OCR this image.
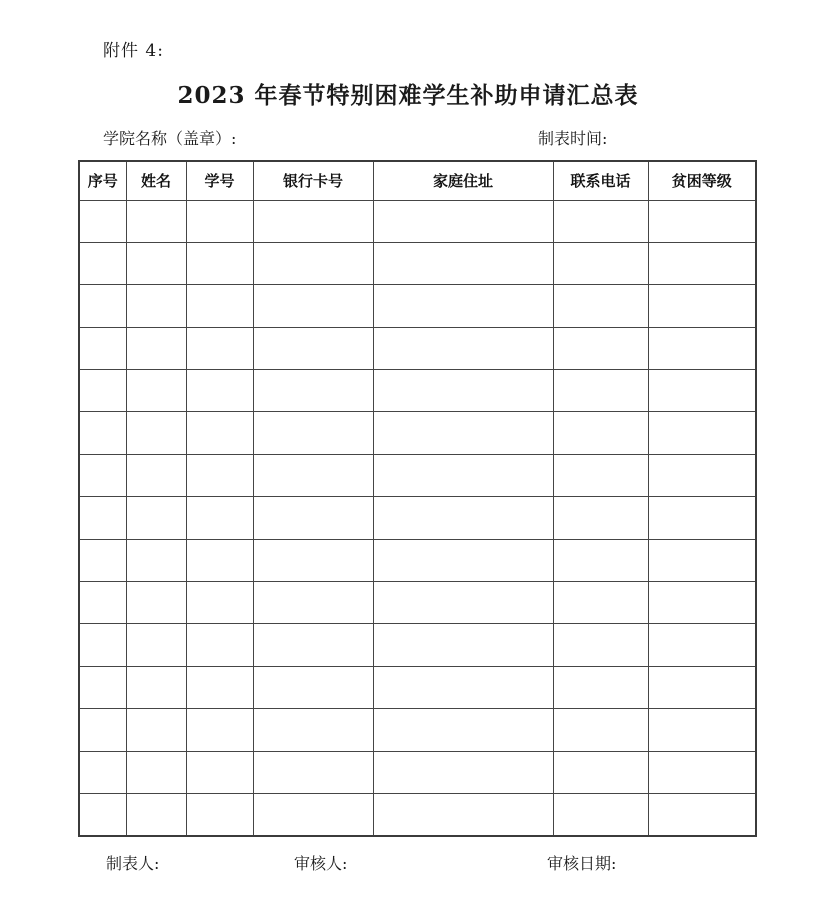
附件 4:
2023 年春节特别困难学生补助申请汇总表
学院名称（盖章）:	制表时间:
序号	姓名	学号	银行卡号	家庭住址	联系电话	贫困等级

制表人:	审核人:	审核日期:
